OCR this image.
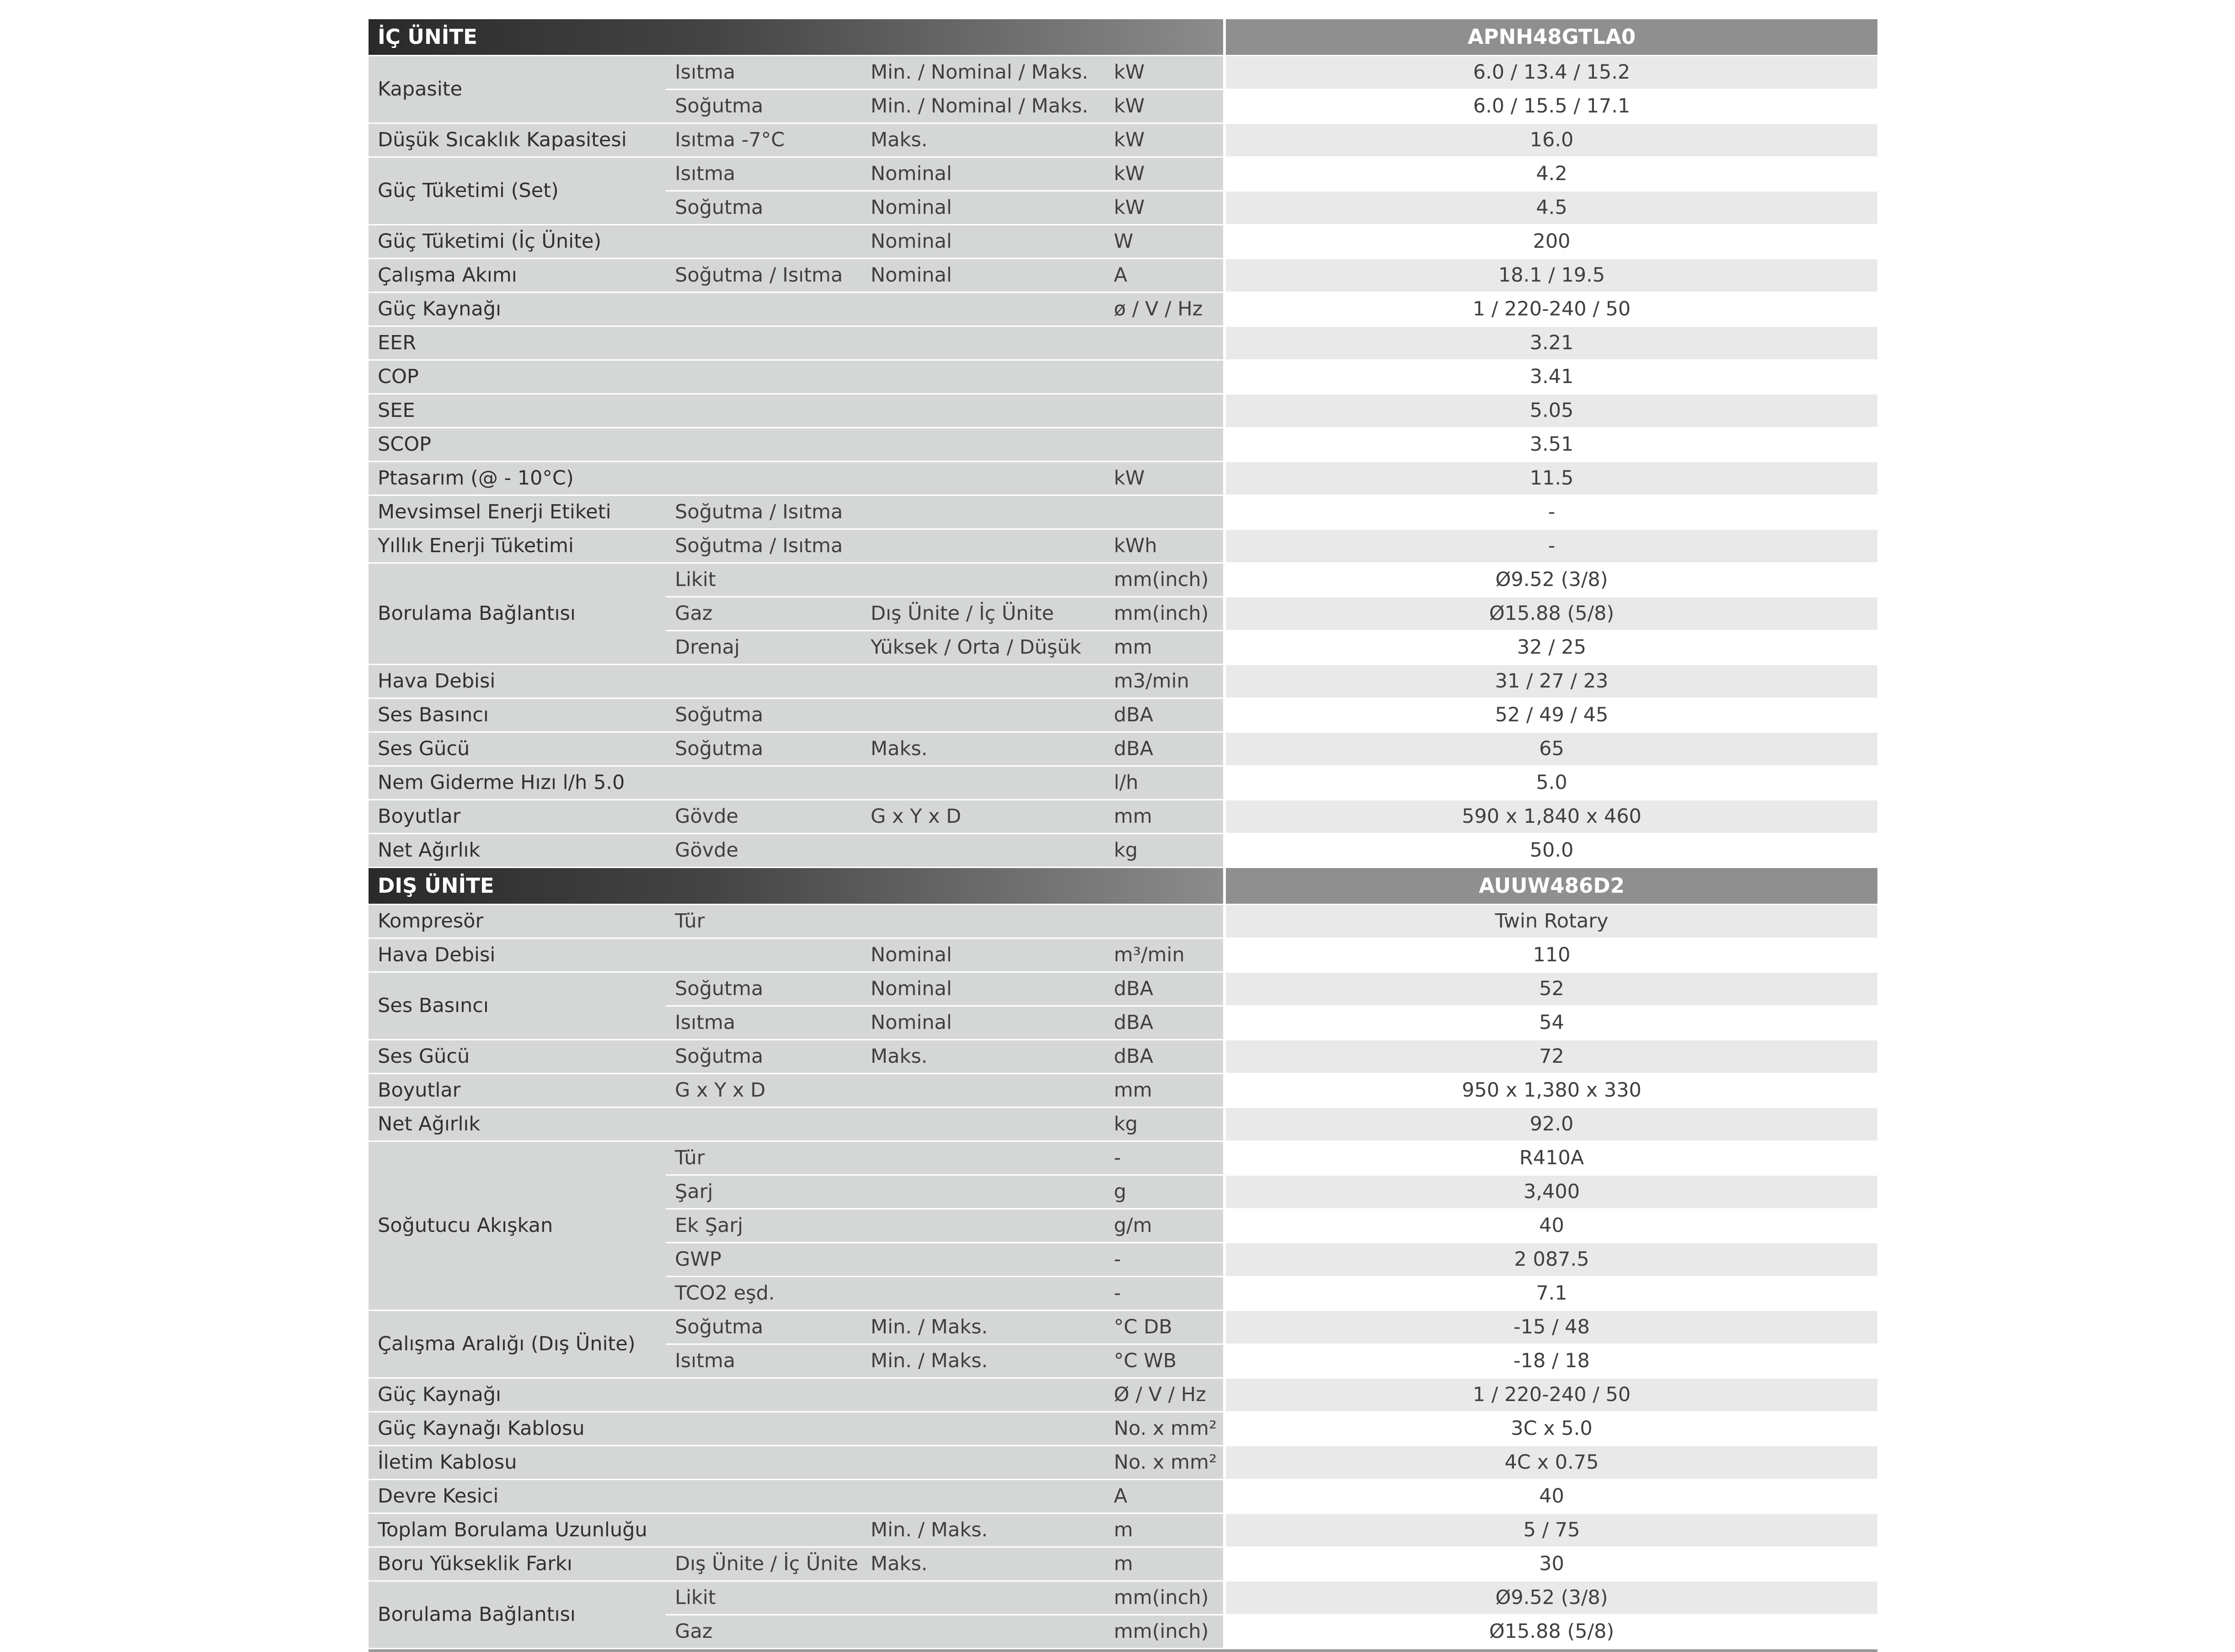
İÇ ÜNİTE				APNH48GTLA0
Kapasite	Isıtma	Min. / Nominal / Maks.	kW	6.0 / 13.4 / 15.2
	Soğutma	Min. / Nominal / Maks.	kW	6.0 / 15.5 / 17.1
Düşük Sıcaklık Kapasitesi	Isıtma -7°C	Maks.	kW	16.0
Güç Tüketimi (Set)	Isıtma	Nominal	kW	4.2
	Soğutma	Nominal	kW	4.5
Güç Tüketimi (İç Ünite)		Nominal	W	200
Çalışma Akımı	Soğutma / Isıtma	Nominal	A	18.1 / 19.5
Güç Kaynağı			ø / V / Hz	1 / 220-240 / 50
EER				3.21
COP				3.41
SEE				5.05
SCOP				3.51
Ptasarım (@ - 10°C)			kW	11.5
Mevsimsel Enerji Etiketi	Soğutma / Isıtma			-
Yıllık Enerji Tüketimi	Soğutma / Isıtma		kWh	-
Borulama Bağlantısı	Likit		mm(inch)	Ø9.52 (3/8)
	Gaz	Dış Ünite / İç Ünite	mm(inch)	Ø15.88 (5/8)
	Drenaj	Yüksek / Orta / Düşük	mm	32 / 25
Hava Debisi			m3/min	31 / 27 / 23
Ses Basıncı	Soğutma		dBA	52 / 49 / 45
Ses Gücü	Soğutma	Maks.	dBA	65
Nem Giderme Hızı l/h 5.0			l/h	5.0
Boyutlar	Gövde	G x Y x D	mm	590 x 1,840 x 460
Net Ağırlık	Gövde		kg	50.0
DIŞ ÜNİTE				AUUW486D2
Kompresör	Tür			Twin Rotary
Hava Debisi		Nominal	m³/min	110
Ses Basıncı	Soğutma	Nominal	dBA	52
	Isıtma	Nominal	dBA	54
Ses Gücü	Soğutma	Maks.	dBA	72
Boyutlar	G x Y x D		mm	950 x 1,380 x 330
Net Ağırlık			kg	92.0
Soğutucu Akışkan	Tür		-	R410A
	Şarj		g	3,400
	Ek Şarj		g/m	40
	GWP		-	2 087.5
	TCO2 eşd.		-	7.1
Çalışma Aralığı (Dış Ünite)	Soğutma	Min. / Maks.	°C DB	-15 / 48
	Isıtma	Min. / Maks.	°C WB	-18 / 18
Güç Kaynağı			Ø / V / Hz	1 / 220-240 / 50
Güç Kaynağı Kablosu			No. x mm²	3C x 5.0
İletim Kablosu			No. x mm²	4C x 0.75
Devre Kesici			A	40
Toplam Borulama Uzunluğu		Min. / Maks.	m	5 / 75
Boru Yükseklik Farkı	Dış Ünite / İç Ünite	Maks.	m	30
Borulama Bağlantısı	Likit		mm(inch)	Ø9.52 (3/8)
	Gaz		mm(inch)	Ø15.88 (5/8)
